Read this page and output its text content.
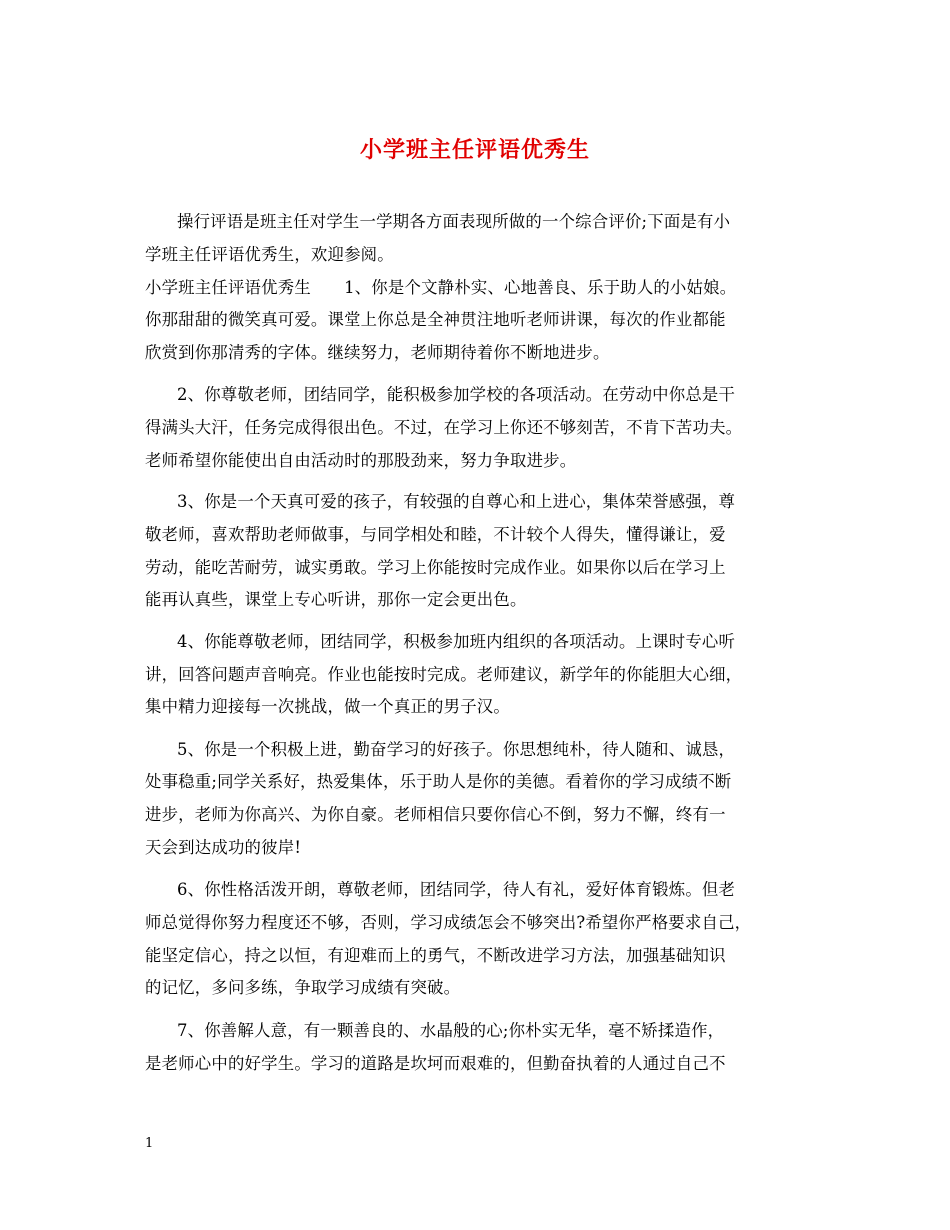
小学班主任评语优秀生
操行评语是班主任对学生一学期各方面表现所做的一个综合评价;下面是有小
学班主任评语优秀生，欢迎参阅。
小学班主任评语优秀生　　1、你是个文静朴实、心地善良、乐于助人的小姑娘。
你那甜甜的微笑真可爱。课堂上你总是全神贯注地听老师讲课，每次的作业都能
欣赏到你那清秀的字体。继续努力，老师期待着你不断地进步。
2、你尊敬老师，团结同学，能积极参加学校的各项活动。在劳动中你总是干
得满头大汗，任务完成得很出色。不过，在学习上你还不够刻苦，不肯下苦功夫。
老师希望你能使出自由活动时的那股劲来，努力争取进步。
3、你是一个天真可爱的孩子，有较强的自尊心和上进心，集体荣誉感强，尊
敬老师，喜欢帮助老师做事，与同学相处和睦，不计较个人得失，懂得谦让，爱
劳动，能吃苦耐劳，诚实勇敢。学习上你能按时完成作业。如果你以后在学习上
能再认真些，课堂上专心听讲，那你一定会更出色。
4、你能尊敬老师，团结同学，积极参加班内组织的各项活动。上课时专心听
讲，回答问题声音响亮。作业也能按时完成。老师建议，新学年的你能胆大心细，
集中精力迎接每一次挑战，做一个真正的男子汉。
5、你是一个积极上进，勤奋学习的好孩子。你思想纯朴，待人随和、诚恳，
处事稳重;同学关系好，热爱集体，乐于助人是你的美德。看着你的学习成绩不断
进步，老师为你高兴、为你自豪。老师相信只要你信心不倒，努力不懈，终有一
天会到达成功的彼岸!
6、你性格活泼开朗，尊敬老师，团结同学，待人有礼，爱好体育锻炼。但老
师总觉得你努力程度还不够，否则，学习成绩怎会不够突出?希望你严格要求自己，
能坚定信心，持之以恒，有迎难而上的勇气，不断改进学习方法，加强基础知识
的记忆，多问多练，争取学习成绩有突破。
7、你善解人意，有一颗善良的、水晶般的心;你朴实无华，毫不矫揉造作，
是老师心中的好学生。学习的道路是坎坷而艰难的，但勤奋执着的人通过自己不
1
